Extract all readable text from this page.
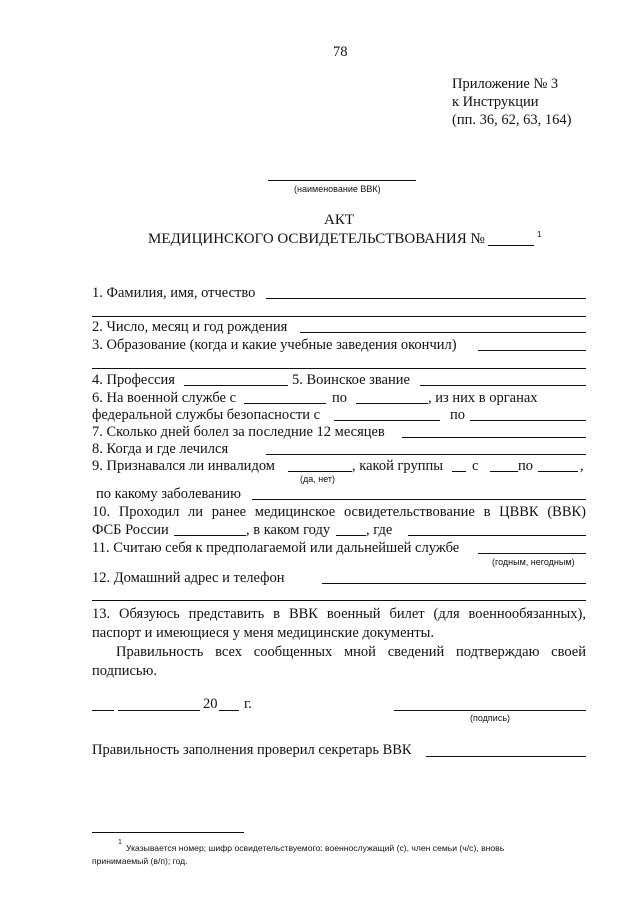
78
Приложение № 3
к Инструкции
(пп. 36, 62, 63, 164)
(наименование ВВК)
АКТ
МЕДИЦИНСКОГО ОСВИДЕТЕЛЬСТВОВАНИЯ №	1
1. Фамилия, имя, отчество
2. Число, месяц и год рождения
3. Образование (когда и какие учебные заведения окончил)
4. Профессия	5. Воинское звание
6. На военной службе с	по	, из них в органах
федеральной службы безопасности с	по
7. Сколько дней болел за последние 12 месяцев
8. Когда и где лечился
9. Признавался ли инвалидом	, какой группы с	по	,
(да, нет)
по какому заболеванию
10. Проходил ли ранее медицинское освидетельствование в ЦВВК (ВВК)
ФСБ России	, в каком году , где
11. Считаю себя к предполагаемой или дальнейшей службе
(годным, негодным)
12. Домашний адрес и телефон
13. Обязуюсь представить в ВВК военный билет (для военнообязанных),
паспорт и имеющиеся у меня медицинские документы.
Правильность всех сообщенных мной сведений подтверждаю своей
подписью.
20 г.
(подпись)
Правильность заполнения проверил секретарь ВВК
1
Указывается номер; шифр освидетельствуемого: военнослужащий (с), член семьи (ч/с), вновь
принимаемый (в/п); год.
